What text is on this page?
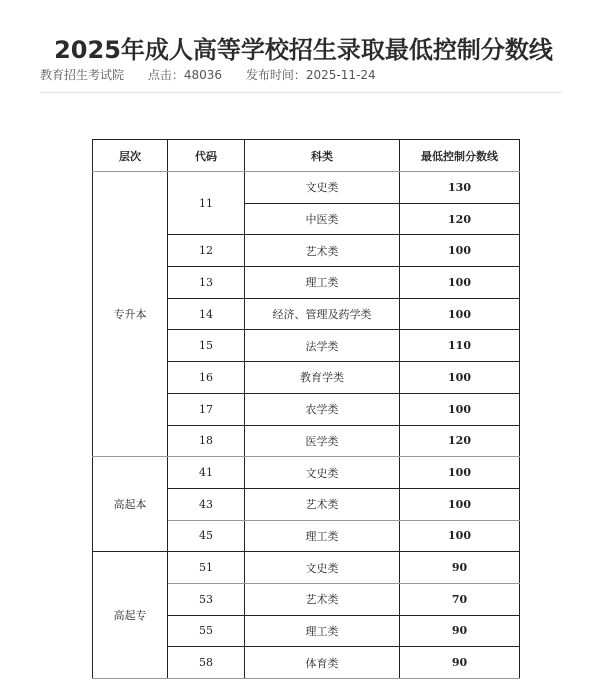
2025年成人高等学校招生录取最低控制分数线
教育招生考试院 点击：48036 发布时间：2025-11-24
层次	代码	科类	最低控制分数线
专升本	11	文史类	130
		中医类	120
	12	艺术类	100
	13	理工类	100
	14	经济、管理及药学类	100
	15	法学类	110
	16	教育学类	100
	17	农学类	100
	18	医学类	120
高起本	41	文史类	100
	43	艺术类	100
	45	理工类	100
高起专	51	文史类	90
	53	艺术类	70
	55	理工类	90
	58	体育类	90
